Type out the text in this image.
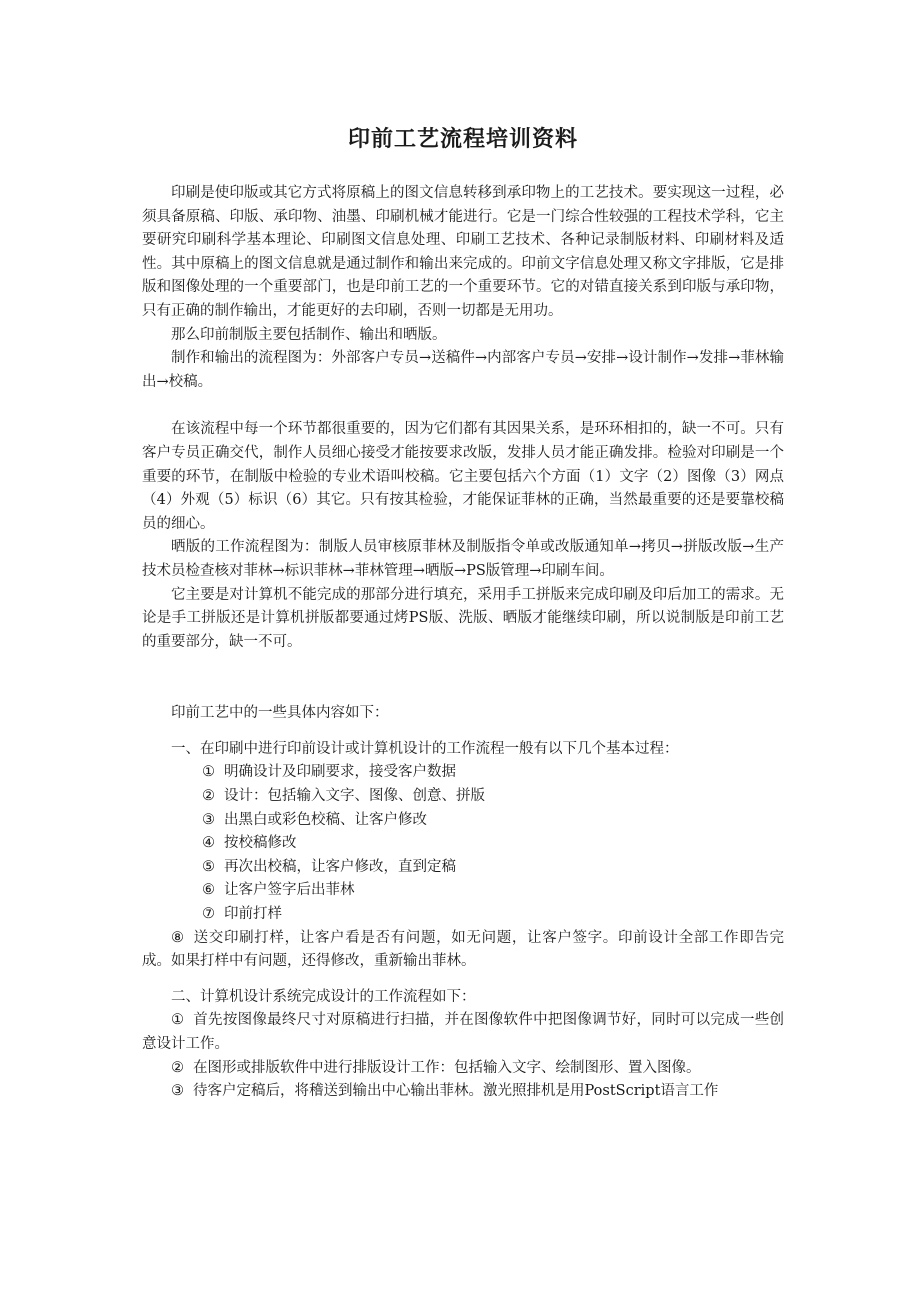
印前工艺流程培训资料

印刷是使印版或其它方式将原稿上的图文信息转移到承印物上的工艺技术。要实现这一过程，必须具备原稿、印版、承印物、油墨、印刷机械才能进行。它是一门综合性较强的工程技术学科，它主要研究印刷科学基本理论、印刷图文信息处理、印刷工艺技术、各种记录制版材料、印刷材料及适性。其中原稿上的图文信息就是通过制作和输出来完成的。印前文字信息处理又称文字排版，它是排版和图像处理的一个重要部门，也是印前工艺的一个重要环节。它的对错直接关系到印版与承印物，只有正确的制作输出，才能更好的去印刷，否则一切都是无用功。

那么印前制版主要包括制作、输出和晒版。

制作和输出的流程图为：外部客户专员→送稿件→内部客户专员→安排→设计制作→发排→菲林输出→校稿。

在该流程中每一个环节都很重要的，因为它们都有其因果关系，是环环相扣的，缺一不可。只有客户专员正确交代，制作人员细心接受才能按要求改版，发排人员才能正确发排。检验对印刷是一个重要的环节，在制版中检验的专业术语叫校稿。它主要包括六个方面（1）文字（2）图像（3）网点（4）外观（5）标识（6）其它。只有按其检验，才能保证菲林的正确，当然最重要的还是要靠校稿员的细心。

晒版的工作流程图为：制版人员审核原菲林及制版指令单或改版通知单→拷贝→拼版改版→生产技术员检查核对菲林→标识菲林→菲林管理→晒版→PS版管理→印刷车间。

它主要是对计算机不能完成的那部分进行填充，采用手工拼版来完成印刷及印后加工的需求。无论是手工拼版还是计算机拼版都要通过烤PS版、洗版、晒版才能继续印刷，所以说制版是印前工艺的重要部分，缺一不可。

印前工艺中的一些具体内容如下：

一、在印刷中进行印前设计或计算机设计的工作流程一般有以下几个基本过程：

① 明确设计及印刷要求，接受客户数据
② 设计：包括输入文字、图像、创意、拼版
③ 出黑白或彩色校稿、让客户修改
④ 按校稿修改
⑤ 再次出校稿，让客户修改，直到定稿
⑥ 让客户签字后出菲林
⑦ 印前打样

⑧ 送交印刷打样，让客户看是否有问题，如无问题，让客户签字。印前设计全部工作即告完成。如果打样中有问题，还得修改，重新输出菲林。

二、计算机设计系统完成设计的工作流程如下：

① 首先按图像最终尺寸对原稿进行扫描，并在图像软件中把图像调节好，同时可以完成一些创意设计工作。

② 在图形或排版软件中进行排版设计工作：包括输入文字、绘制图形、置入图像。

③ 待客户定稿后，将稽送到输出中心输出菲林。激光照排机是用PostScript语言工作
